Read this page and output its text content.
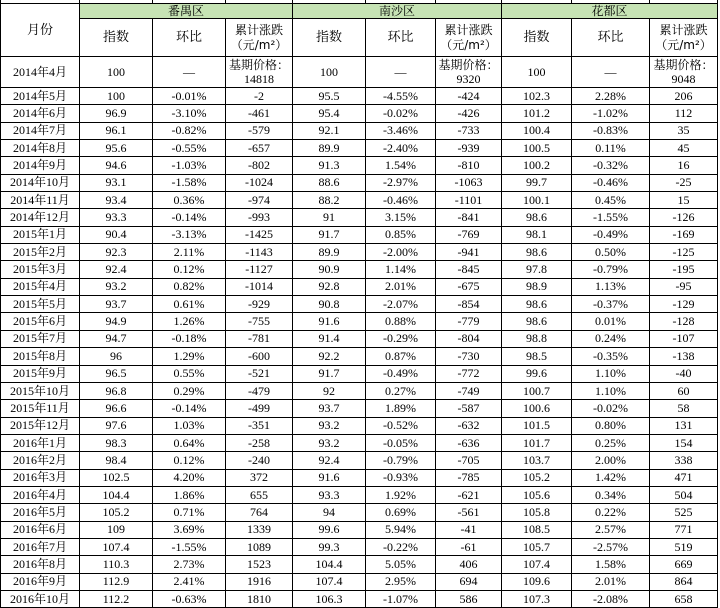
月份	番禺区			南沙区			花都区		
	指数	环比	累计涨跌（元/m²）	指数	环比	累计涨跌（元/m²）	指数	环比	累计涨跌（元/m²）
2014年4月	100	—	基期价格：14818	100	—	基期价格：9320	100	—	基期价格：9048
2014年5月	100	-0.01%	-2	95.5	-4.55%	-424	102.3	2.28%	206
2014年6月	96.9	-3.10%	-461	95.4	-0.02%	-426	101.2	-1.02%	112
2014年7月	96.1	-0.82%	-579	92.1	-3.46%	-733	100.4	-0.83%	35
2014年8月	95.6	-0.55%	-657	89.9	-2.40%	-939	100.5	0.11%	45
2014年9月	94.6	-1.03%	-802	91.3	1.54%	-810	100.2	-0.32%	16
2014年10月	93.1	-1.58%	-1024	88.6	-2.97%	-1063	99.7	-0.46%	-25
2014年11月	93.4	0.36%	-974	88.2	-0.46%	-1101	100.1	0.45%	15
2014年12月	93.3	-0.14%	-993	91	3.15%	-841	98.6	-1.55%	-126
2015年1月	90.4	-3.13%	-1425	91.7	0.85%	-769	98.1	-0.49%	-169
2015年2月	92.3	2.11%	-1143	89.9	-2.00%	-941	98.6	0.50%	-125
2015年3月	92.4	0.12%	-1127	90.9	1.14%	-845	97.8	-0.79%	-195
2015年4月	93.2	0.82%	-1014	92.8	2.01%	-675	98.9	1.13%	-95
2015年5月	93.7	0.61%	-929	90.8	-2.07%	-854	98.6	-0.37%	-129
2015年6月	94.9	1.26%	-755	91.6	0.88%	-779	98.6	0.01%	-128
2015年7月	94.7	-0.18%	-781	91.4	-0.29%	-804	98.8	0.24%	-107
2015年8月	96	1.29%	-600	92.2	0.87%	-730	98.5	-0.35%	-138
2015年9月	96.5	0.55%	-521	91.7	-0.49%	-772	99.6	1.10%	-40
2015年10月	96.8	0.29%	-479	92	0.27%	-749	100.7	1.10%	60
2015年11月	96.6	-0.14%	-499	93.7	1.89%	-587	100.6	-0.02%	58
2015年12月	97.6	1.03%	-351	93.2	-0.52%	-632	101.5	0.80%	131
2016年1月	98.3	0.64%	-258	93.2	-0.05%	-636	101.7	0.25%	154
2016年2月	98.4	0.12%	-240	92.4	-0.79%	-705	103.7	2.00%	338
2016年3月	102.5	4.20%	372	91.6	-0.93%	-785	105.2	1.42%	471
2016年4月	104.4	1.86%	655	93.3	1.92%	-621	105.6	0.34%	504
2016年5月	105.2	0.71%	764	94	0.69%	-561	105.8	0.22%	525
2016年6月	109	3.69%	1339	99.6	5.94%	-41	108.5	2.57%	771
2016年7月	107.4	-1.55%	1089	99.3	-0.22%	-61	105.7	-2.57%	519
2016年8月	110.3	2.73%	1523	104.4	5.05%	406	107.4	1.58%	669
2016年9月	112.9	2.41%	1916	107.4	2.95%	694	109.6	2.01%	864
2016年10月	112.2	-0.63%	1810	106.3	-1.07%	586	107.3	-2.08%	658
